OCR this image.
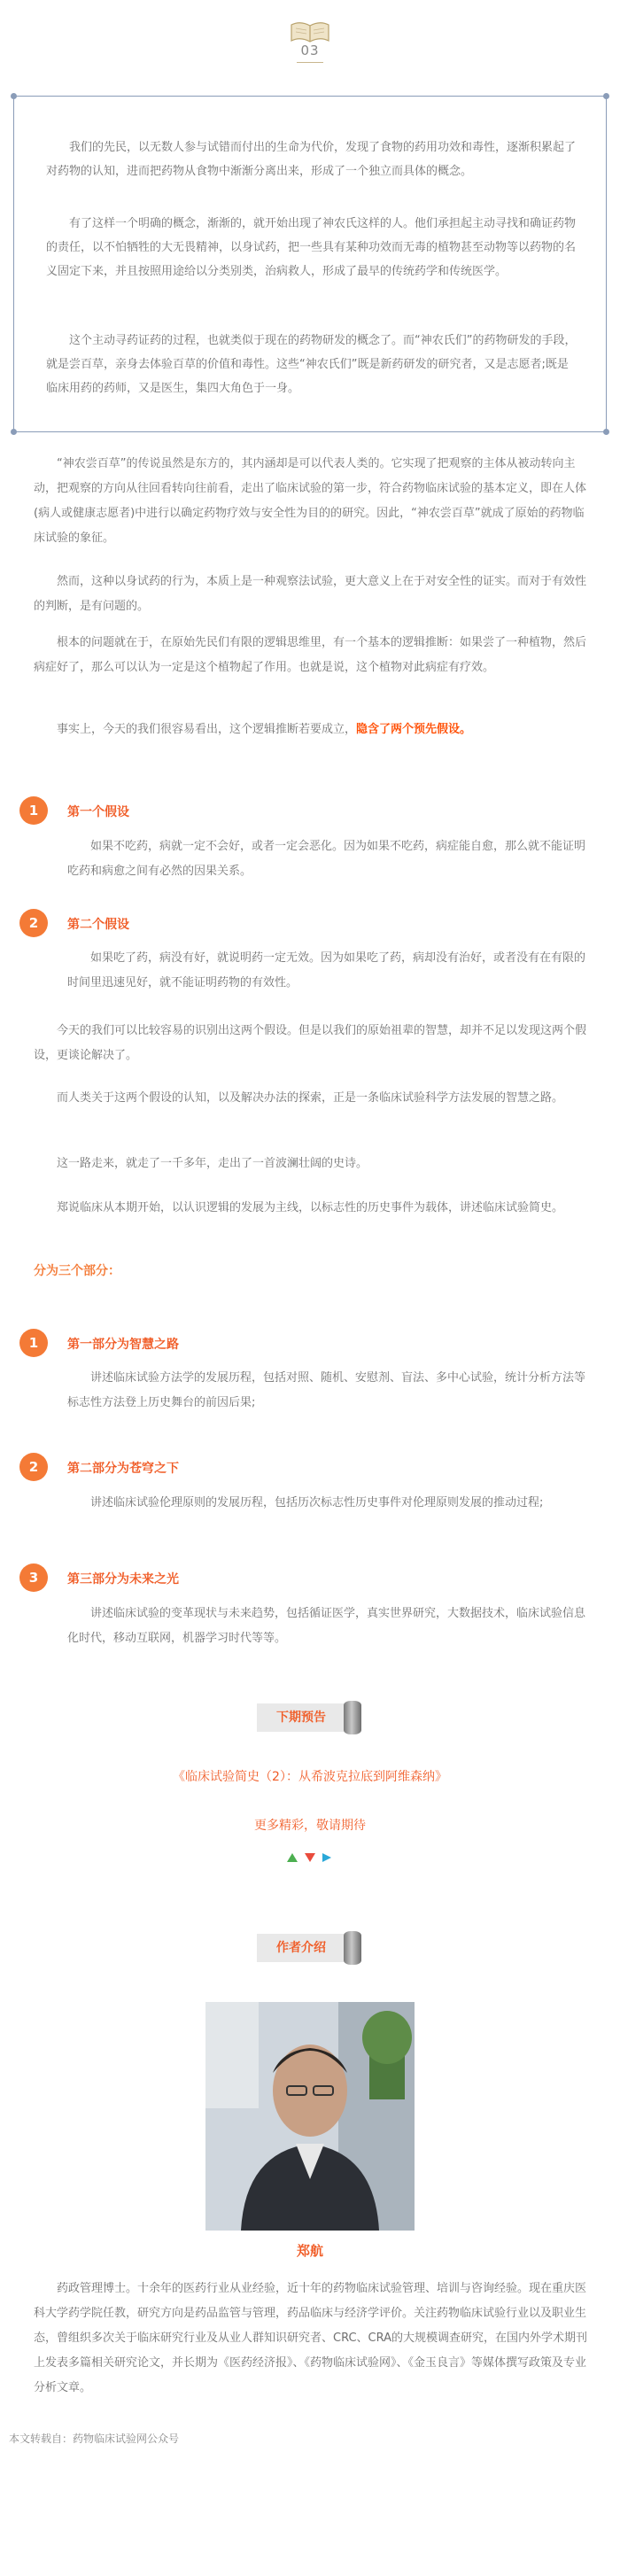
03

我们的先民，以无数人参与试错而付出的生命为代价，发现了食物的药用功效和毒性，逐渐积累起了对药物的认知，进而把药物从食物中渐渐分离出来，形成了一个独立而具体的概念。

有了这样一个明确的概念，渐渐的，就开始出现了神农氏这样的人。他们承担起主动寻找和确证药物的责任，以不怕牺牲的大无畏精神，以身试药，把一些具有某种功效而无毒的植物甚至动物等以药物的名义固定下来，并且按照用途给以分类别类，治病救人，形成了最早的传统药学和传统医学。

这个主动寻药证药的过程，也就类似于现在的药物研发的概念了。而“神农氏们”的药物研发的手段，就是尝百草，亲身去体验百草的价值和毒性。这些“神农氏们”既是新药研发的研究者，又是志愿者;既是临床用药的药师，又是医生，集四大角色于一身。

“神农尝百草”的传说虽然是东方的，其内涵却是可以代表人类的。它实现了把观察的主体从被动转向主动，把观察的方向从往回看转向往前看，走出了临床试验的第一步，符合药物临床试验的基本定义，即在人体(病人或健康志愿者)中进行以确定药物疗效与安全性为目的的研究。因此，“神农尝百草”就成了原始的药物临床试验的象征。

然而，这种以身试药的行为，本质上是一种观察法试验，更大意义上在于对安全性的证实。而对于有效性的判断，是有问题的。

根本的问题就在于，在原始先民们有限的逻辑思维里，有一个基本的逻辑推断：如果尝了一种植物，然后病症好了，那么可以认为一定是这个植物起了作用。也就是说，这个植物对此病症有疗效。

事实上，今天的我们很容易看出，这个逻辑推断若要成立，隐含了两个预先假设。

1	第一个假设

如果不吃药，病就一定不会好，或者一定会恶化。因为如果不吃药，病症能自愈，那么就不能证明吃药和病愈之间有必然的因果关系。

2	第二个假设

如果吃了药，病没有好，就说明药一定无效。因为如果吃了药，病却没有治好，或者没有在有限的时间里迅速见好，就不能证明药物的有效性。

今天的我们可以比较容易的识别出这两个假设。但是以我们的原始祖辈的智慧，却并不足以发现这两个假设，更谈论解决了。

而人类关于这两个假设的认知，以及解决办法的探索，正是一条临床试验科学方法发展的智慧之路。

这一路走来，就走了一千多年，走出了一首波澜壮阔的史诗。

郑说临床从本期开始，以认识逻辑的发展为主线，以标志性的历史事件为载体，讲述临床试验简史。

分为三个部分：
1	第一部分为智慧之路

讲述临床试验方法学的发展历程，包括对照、随机、安慰剂、盲法、多中心试验，统计分析方法等标志性方法登上历史舞台的前因后果;

2	第二部分为苍穹之下

讲述临床试验伦理原则的发展历程，包括历次标志性历史事件对伦理原则发展的推动过程;

3	第三部分为未来之光

讲述临床试验的变革现状与未来趋势，包括循证医学，真实世界研究，大数据技术，临床试验信息化时代，移动互联网，机器学习时代等等。

下期预告
《临床试验简史（2）：从希波克拉底到阿维森纳》
更多精彩，敬请期待
作者介绍
郑航

药政管理博士。十余年的医药行业从业经验，近十年的药物临床试验管理、培训与咨询经验。现在重庆医科大学药学院任教，研究方向是药品监管与管理，药品临床与经济学评价。关注药物临床试验行业以及职业生态，曾组织多次关于临床研究行业及从业人群知识研究者、CRC、CRA的大规模调查研究，在国内外学术期刊上发表多篇相关研究论文，并长期为《医药经济报》、《药物临床试验网》、《金玉良言》等媒体撰写政策及专业分析文章。

本文转载自：药物临床试验网公众号
